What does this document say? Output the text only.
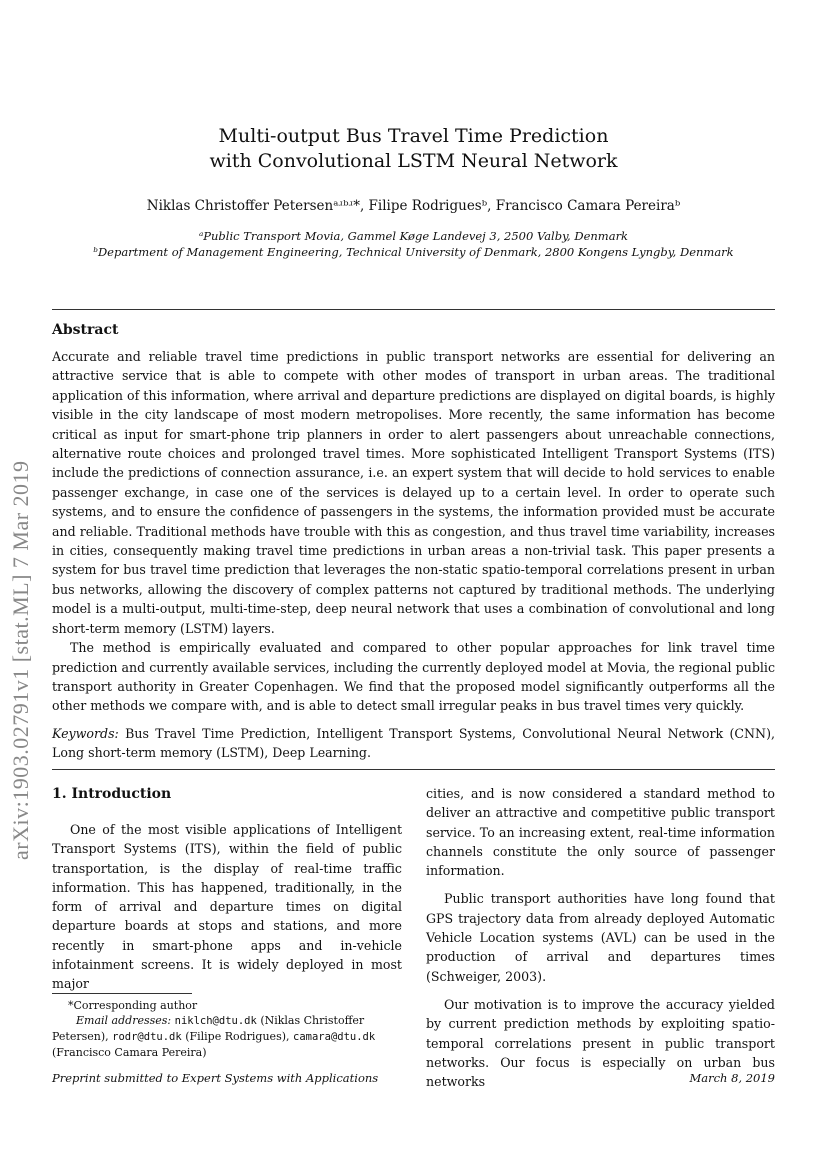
Multi-output Bus Travel Time Prediction
with Convolutional LSTM Neural Network
Niklas Christoffer Petersenᵃʴᵇʴ*, Filipe Rodriguesᵇ, Francisco Camara Pereiraᵇ
ᵃPublic Transport Movia, Gammel Køge Landevej 3, 2500 Valby, Denmark
ᵇDepartment of Management Engineering, Technical University of Denmark, 2800 Kongens Lyngby, Denmark
arXiv:1903.02791v1 [stat.ML] 7 Mar 2019
Abstract
Accurate and reliable travel time predictions in public transport networks are essential for delivering an attractive service that is able to compete with other modes of transport in urban areas. The traditional application of this information, where arrival and departure predictions are displayed on digital boards, is highly visible in the city landscape of most modern metropolises. More recently, the same information has become critical as input for smart-phone trip planners in order to alert passengers about unreachable connections, alternative route choices and prolonged travel times. More sophisticated Intelligent Transport Systems (ITS) include the predictions of connection assurance, i.e. an expert system that will decide to hold services to enable passenger exchange, in case one of the services is delayed up to a certain level. In order to operate such systems, and to ensure the confidence of passengers in the systems, the information provided must be accurate and reliable. Traditional methods have trouble with this as congestion, and thus travel time variability, increases in cities, consequently making travel time predictions in urban areas a non-trivial task. This paper presents a system for bus travel time prediction that leverages the non-static spatio-temporal correlations present in urban bus networks, allowing the discovery of complex patterns not captured by traditional methods. The underlying model is a multi-output, multi-time-step, deep neural network that uses a combination of convolutional and long short-term memory (LSTM) layers.
The method is empirically evaluated and compared to other popular approaches for link travel time prediction and currently available services, including the currently deployed model at Movia, the regional public transport authority in Greater Copenhagen. We find that the proposed model significantly outperforms all the other methods we compare with, and is able to detect small irregular peaks in bus travel times very quickly.
Keywords: Bus Travel Time Prediction, Intelligent Transport Systems, Convolutional Neural Network (CNN), Long short-term memory (LSTM), Deep Learning.
1. Introduction
One of the most visible applications of Intelligent Transport Systems (ITS), within the field of public transportation, is the display of real-time traffic information. This has happened, traditionally, in the form of arrival and departure times on digital departure boards at stops and stations, and more recently in smart-phone apps and in-vehicle infotainment screens. It is widely deployed in most major
cities, and is now considered a standard method to deliver an attractive and competitive public transport service. To an increasing extent, real-time information channels constitute the only source of passenger information.
Public transport authorities have long found that GPS trajectory data from already deployed Automatic Vehicle Location systems (AVL) can be used in the production of arrival and departures times (Schweiger, 2003).
Our motivation is to improve the accuracy yielded by current prediction methods by exploiting spatio-temporal correlations present in public transport networks. Our focus is especially on urban bus networks
*Corresponding author
Email addresses: niklch@dtu.dk (Niklas Christoffer Petersen), rodr@dtu.dk (Filipe Rodrigues), camara@dtu.dk (Francisco Camara Pereira)
Preprint submitted to Expert Systems with Applications	March 8, 2019
